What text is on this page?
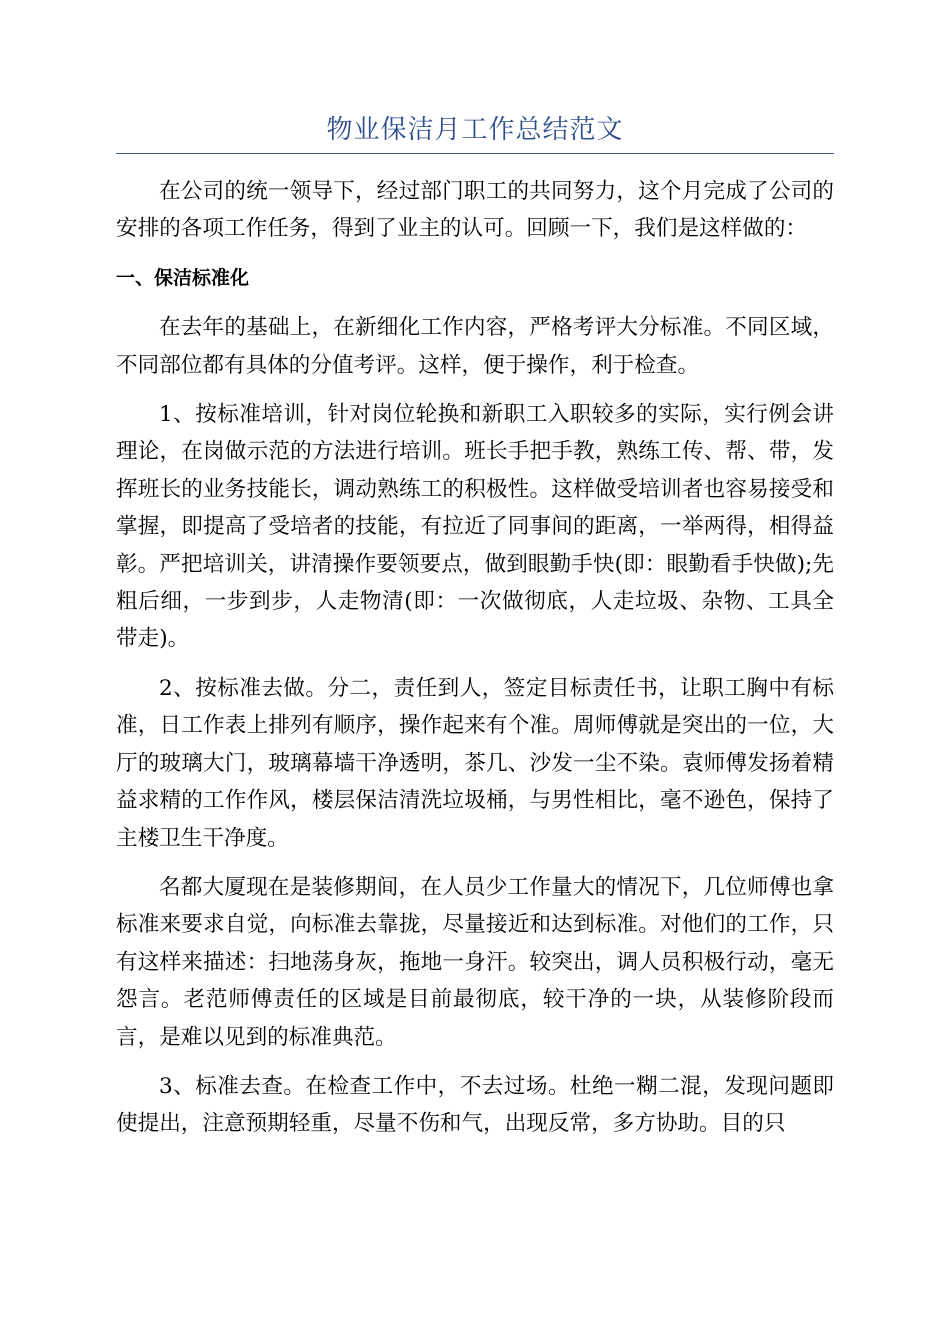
物业保洁月工作总结范文

在公司的统一领导下，经过部门职工的共同努力，这个月完成了公司的安排的各项工作任务，得到了业主的认可。回顾一下，我们是这样做的：

一、保洁标准化

在去年的基础上，在新细化工作内容，严格考评大分标准。不同区域，不同部位都有具体的分值考评。这样，便于操作，利于检查。

1、按标准培训，针对岗位轮换和新职工入职较多的实际，实行例会讲理论，在岗做示范的方法进行培训。班长手把手教，熟练工传、帮、带，发挥班长的业务技能长，调动熟练工的积极性。这样做受培训者也容易接受和掌握，即提高了受培者的技能，有拉近了同事间的距离，一举两得，相得益彰。严把培训关，讲清操作要领要点，做到眼勤手快(即：眼勤看手快做);先粗后细，一步到步，人走物清(即：一次做彻底，人走垃圾、杂物、工具全带走)。

2、按标准去做。分二，责任到人，签定目标责任书，让职工胸中有标准，日工作表上排列有顺序，操作起来有个准。周师傅就是突出的一位，大厅的玻璃大门，玻璃幕墙干净透明，茶几、沙发一尘不染。袁师傅发扬着精益求精的工作作风，楼层保洁清洗垃圾桶，与男性相比，毫不逊色，保持了主楼卫生干净度。

名都大厦现在是装修期间，在人员少工作量大的情况下，几位师傅也拿标准来要求自觉，向标准去靠拢，尽量接近和达到标准。对他们的工作，只有这样来描述：扫地荡身灰，拖地一身汗。较突出，调人员积极行动，毫无怨言。老范师傅责任的区域是目前最彻底，较干净的一块，从装修阶段而言，是难以见到的标准典范。

3、标准去查。在检查工作中，不去过场。杜绝一糊二混，发现问题即使提出，注意预期轻重，尽量不伤和气，出现反常，多方协助。目的只
